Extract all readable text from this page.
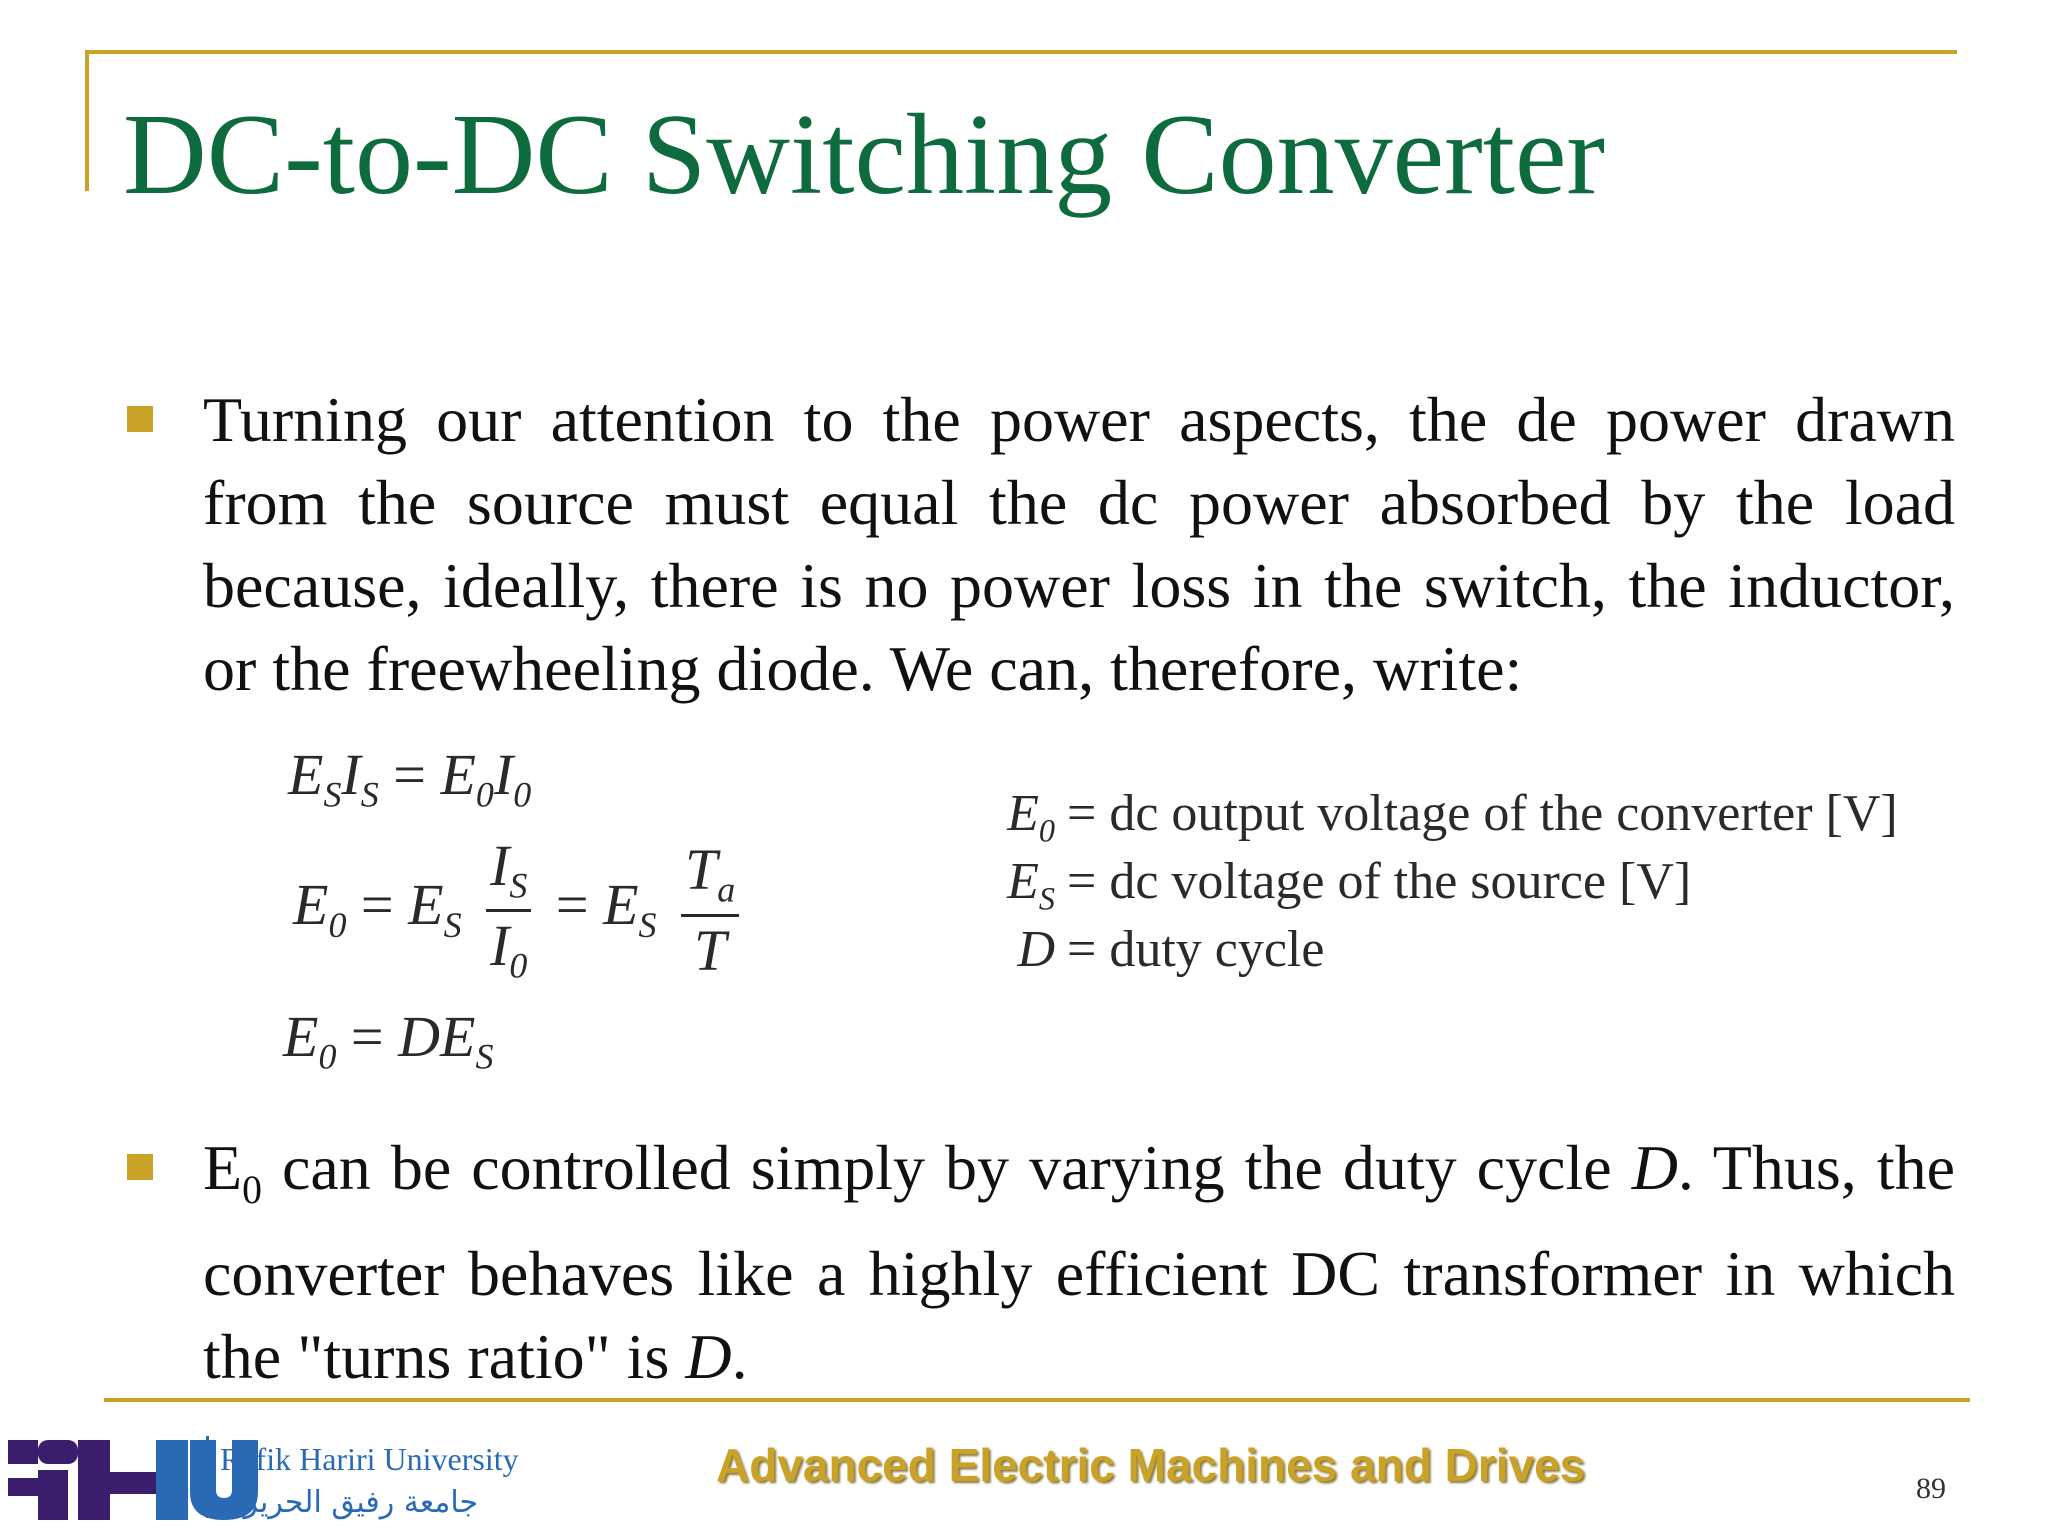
DC-to-DC Switching Converter

Turning our attention to the power aspects, the de power drawn from the source must equal the dc power absorbed by the load because, ideally, there is no power loss in the switch, the inductor, or the freewheeling diode. We can, therefore, write:

$E_SI_S = E_0I_0$
$E_0 = E_S \frac{I_S}{I_0} = E_S \frac{T_a}{T}$
$E_0 = DE_S$
$E_0$ = dc output voltage of the converter [V]
$E_S$ = dc voltage of the source [V]
D = duty cycle

$E_0$ can be controlled simply by varying the duty cycle D. Thus, the converter behaves like a highly efficient DC transformer in which the "turns ratio" is D.

Rafik Hariri University
جامعة رفيق الحريري

Advanced Electric Machines and Drives	89
